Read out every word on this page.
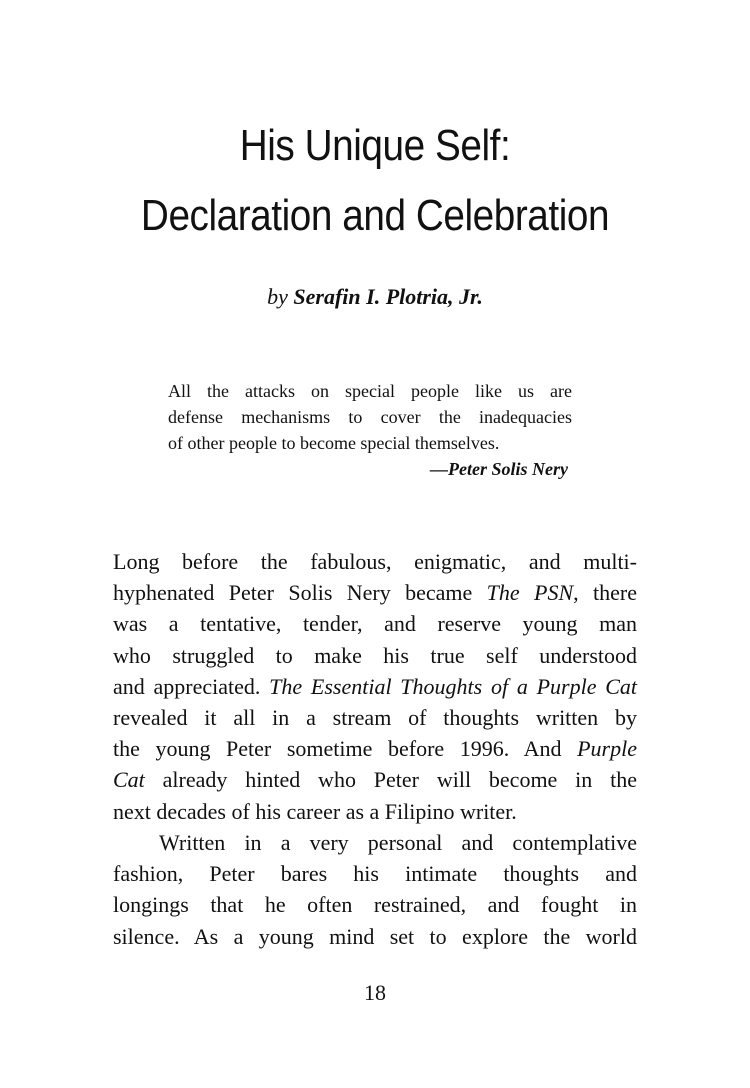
His Unique Self:
Declaration and Celebration

by Serafin I. Plotria, Jr.

All the attacks on special people like us are
defense mechanisms to cover the inadequacies
of other people to become special themselves.

—Peter Solis Nery

Long before the fabulous, enigmatic, and multi-
hyphenated Peter Solis Nery became The PSN, there
was a tentative, tender, and reserve young man
who struggled to make his true self understood
and appreciated. The Essential Thoughts of a Purple Cat
revealed it all in a stream of thoughts written by
the young Peter sometime before 1996. And Purple
Cat already hinted who Peter will become in the
next decades of his career as a Filipino writer.
Written in a very personal and contemplative
fashion, Peter bares his intimate thoughts and
longings that he often restrained, and fought in
silence. As a young mind set to explore the world

18
